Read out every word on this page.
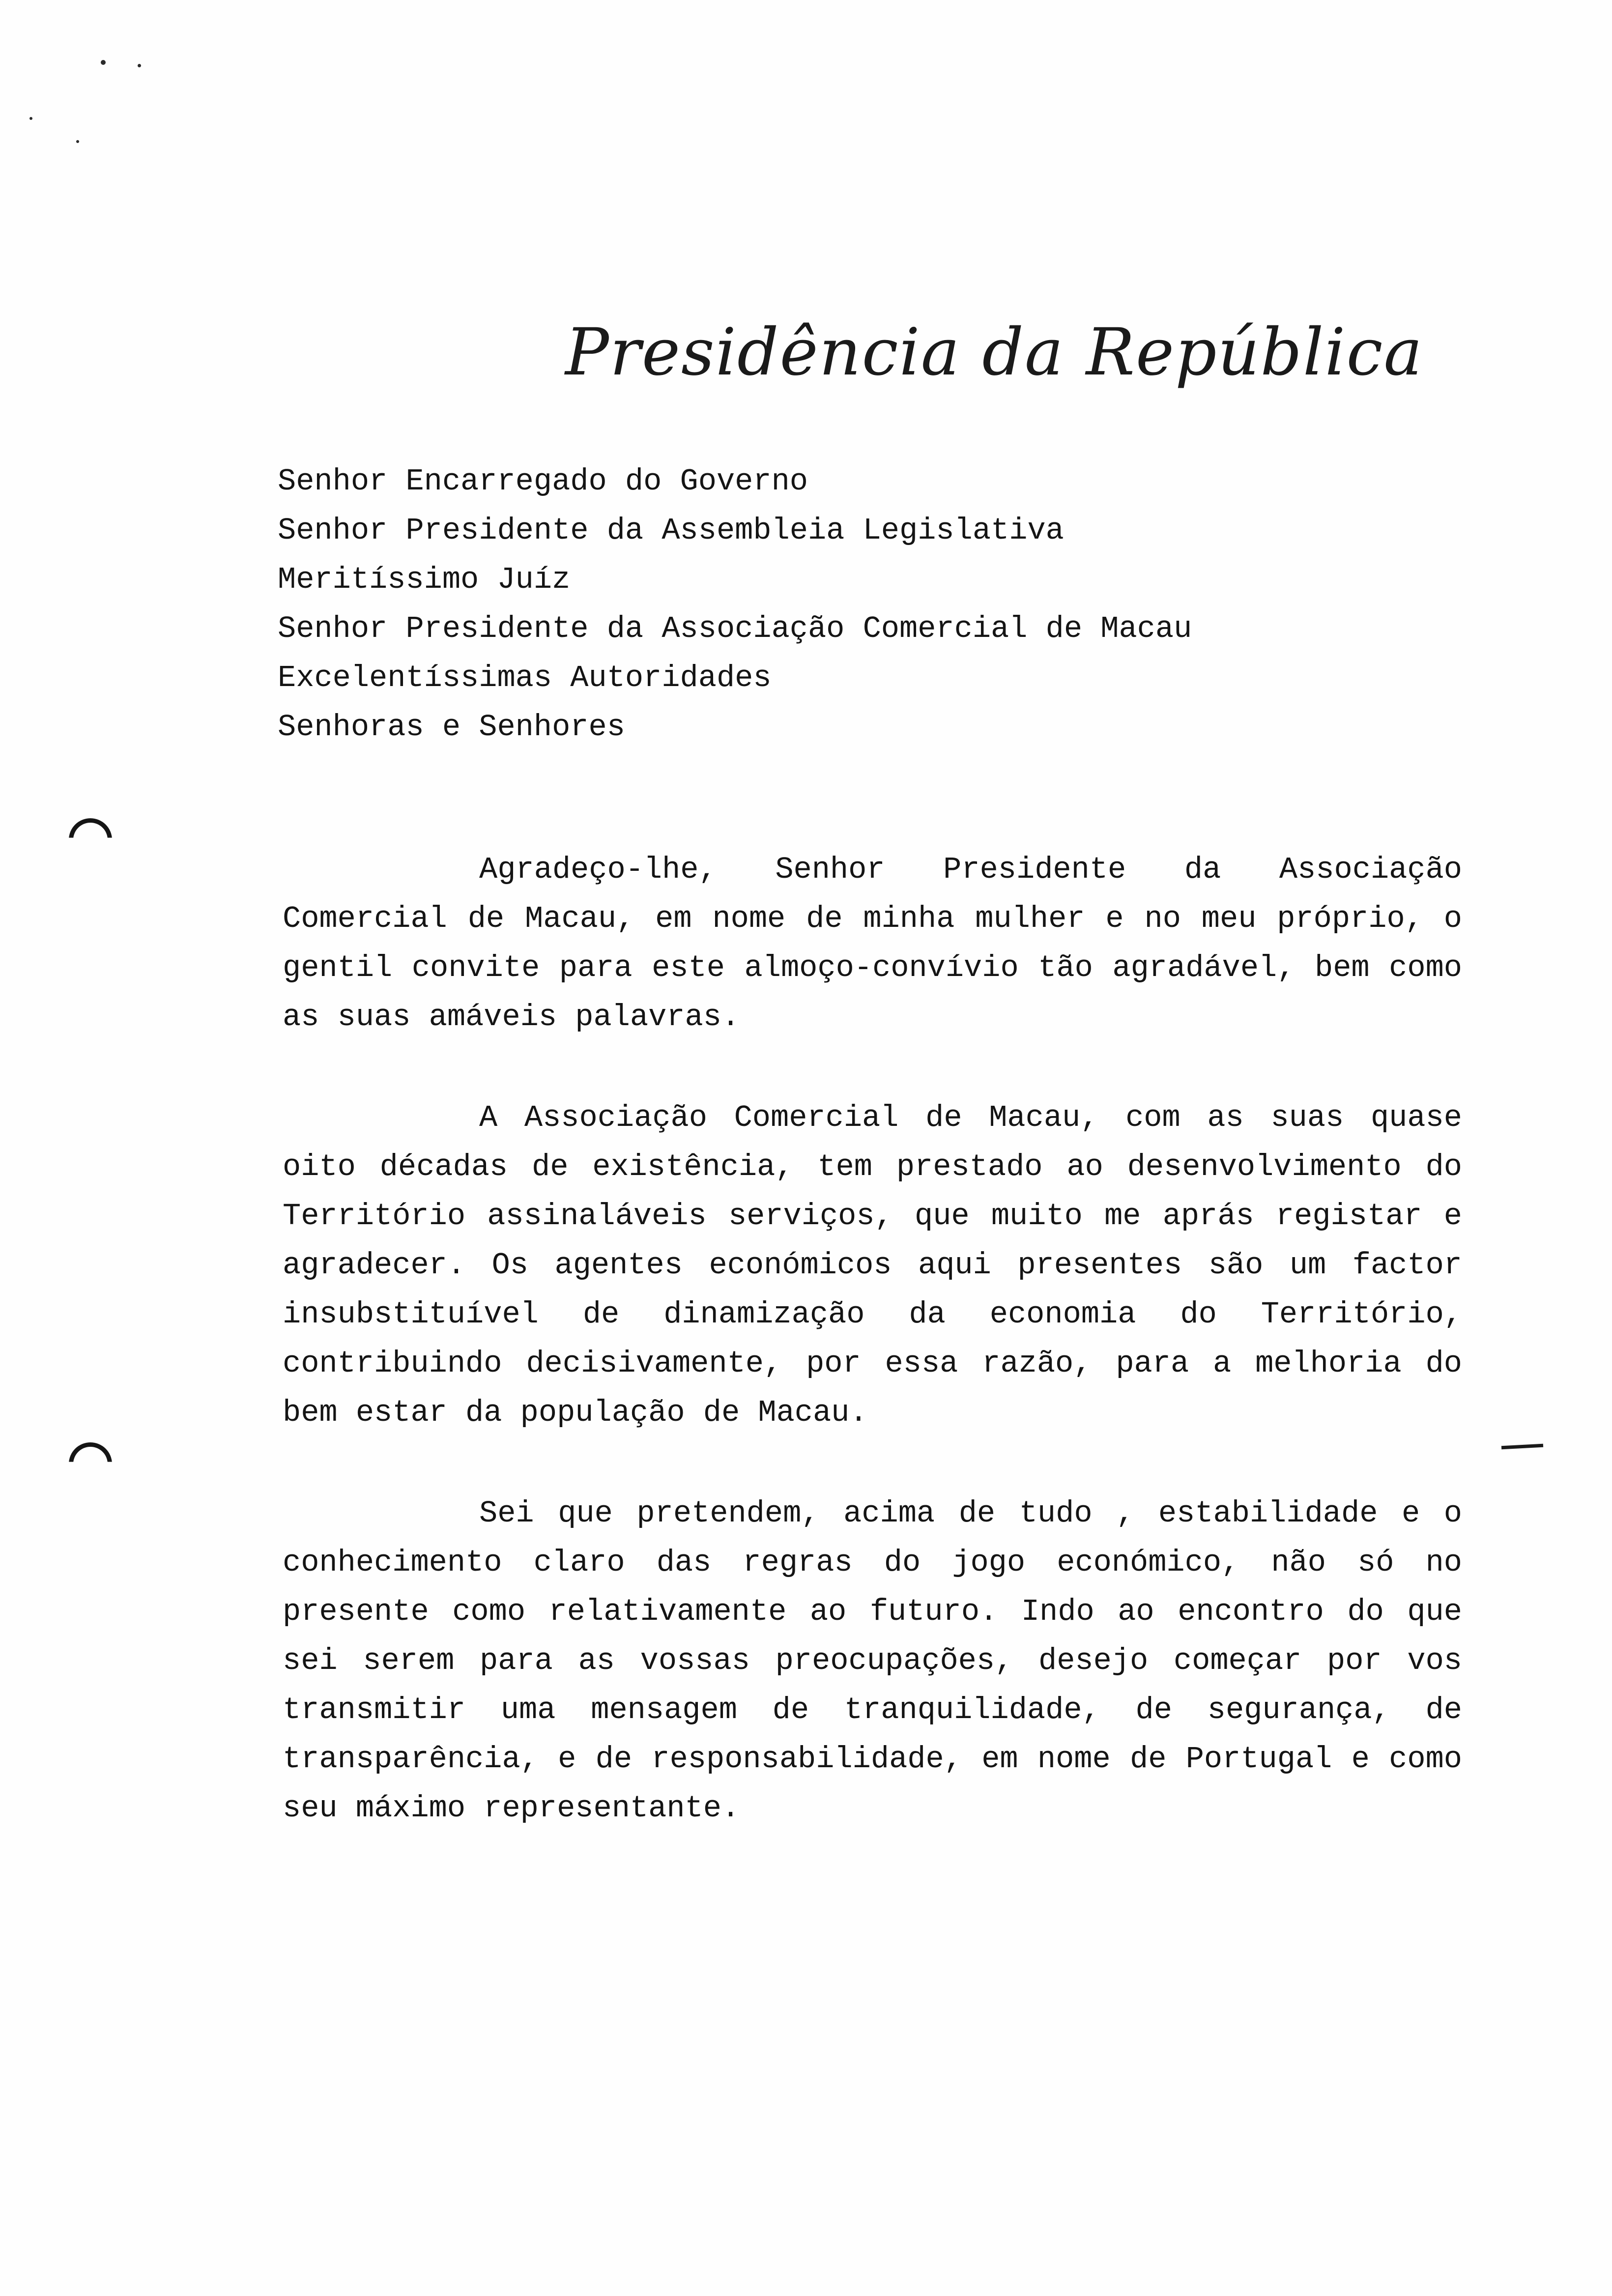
Presidência da República
Senhor Encarregado do Governo
Senhor Presidente da Assembleia Legislativa
Meritíssimo Juíz
Senhor Presidente da Associação Comercial de Macau
Excelentíssimas Autoridades
Senhoras e Senhores

Agradeço-lhe, Senhor Presidente da Associação Comercial de Macau, em nome de minha mulher e no meu próprio, o gentil convite para este almoço-convívio tão agradável, bem como as suas amáveis palavras.

A Associação Comercial de Macau, com as suas quase oito décadas de existência, tem prestado ao desenvolvimento do Território assinaláveis serviços, que muito me aprás registar e agradecer. Os agentes económicos aqui presentes são um factor insubstituível de dinamização da economia do Território, contribuindo decisivamente, por essa razão, para a melhoria do bem estar da população de Macau.

Sei que pretendem, acima de tudo , estabilidade e o conhecimento claro das regras do jogo económico, não só no presente como relativamente ao futuro. Indo ao encontro do que sei serem para as vossas preocupações, desejo começar por vos transmitir uma mensagem de tranquilidade, de segurança, de transparência, e de responsabilidade, em nome de Portugal e como seu máximo representante.
